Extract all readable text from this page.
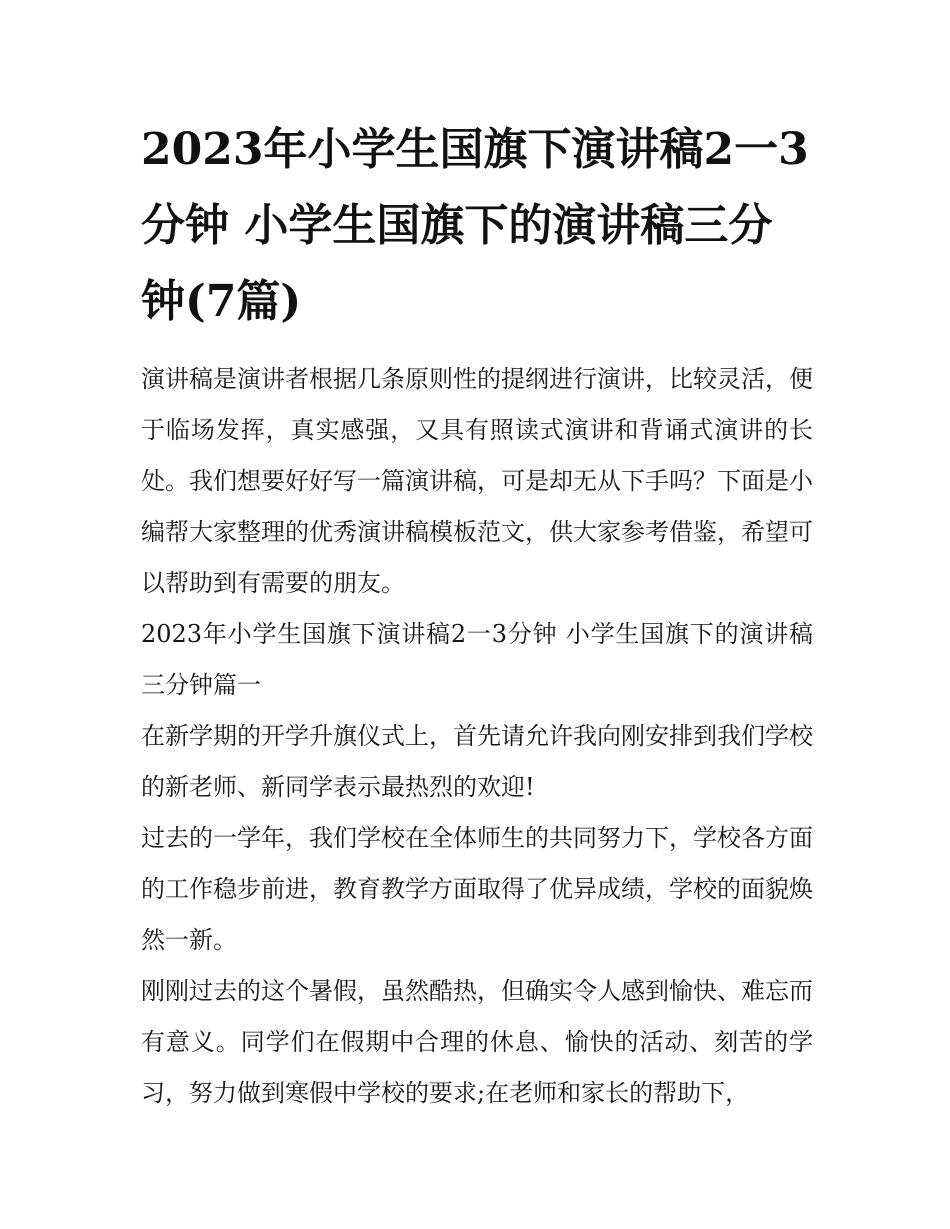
2023年小学生国旗下演讲稿2一3分钟 小学生国旗下的演讲稿三分钟(7篇)

演讲稿是演讲者根据几条原则性的提纲进行演讲，比较灵活，便于临场发挥，真实感强，又具有照读式演讲和背诵式演讲的长处。我们想要好好写一篇演讲稿，可是却无从下手吗？下面是小编帮大家整理的优秀演讲稿模板范文，供大家参考借鉴，希望可以帮助到有需要的朋友。

2023年小学生国旗下演讲稿2一3分钟 小学生国旗下的演讲稿三分钟篇一

在新学期的开学升旗仪式上，首先请允许我向刚安排到我们学校的新老师、新同学表示最热烈的欢迎!

过去的一学年，我们学校在全体师生的共同努力下，学校各方面的工作稳步前进，教育教学方面取得了优异成绩，学校的面貌焕然一新。

刚刚过去的这个暑假，虽然酷热，但确实令人感到愉快、难忘而有意义。同学们在假期中合理的休息、愉快的活动、刻苦的学习，努力做到寒假中学校的要求;在老师和家长的帮助下，
